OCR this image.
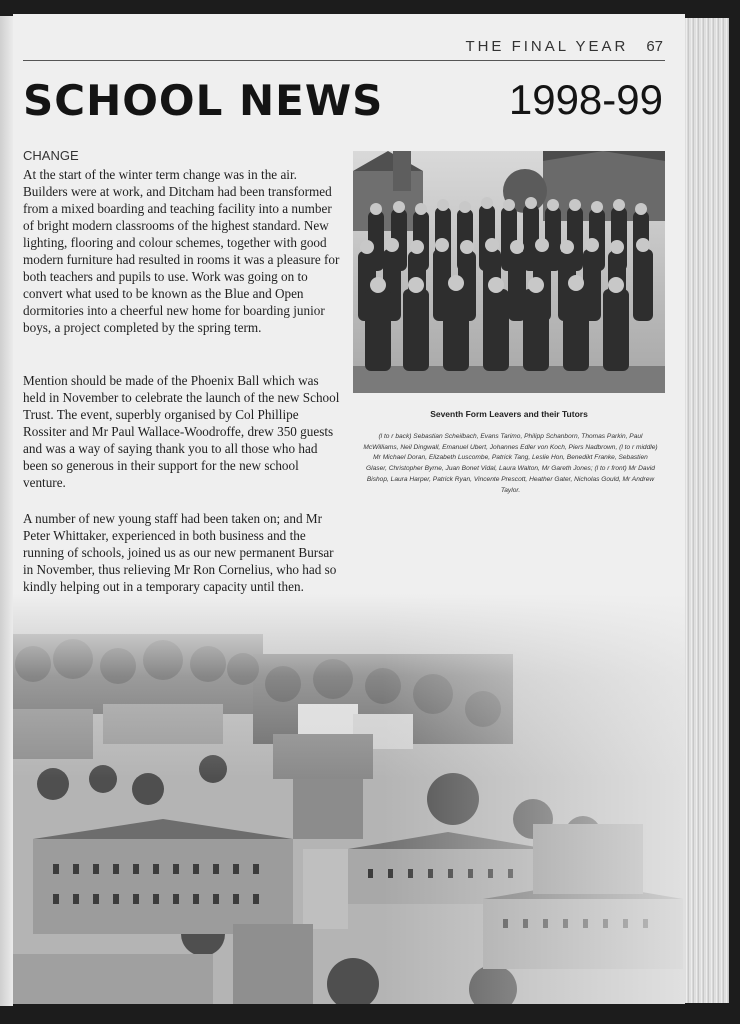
THE FINAL YEAR 67
SCHOOL NEWS	1998-99
CHANGE

At the start of the winter term change was in the air. Builders were at work, and Ditcham had been transformed from a mixed boarding and teaching facility into a number of bright modern classrooms of the highest standard. New lighting, flooring and colour schemes, together with good modern furniture had resulted in rooms it was a pleasure for both teachers and pupils to use. Work was going on to convert what used to be known as the Blue and Open dormitories into a cheerful new home for boarding junior boys, a project completed by the spring term.

Mention should be made of the Phoenix Ball which was held in November to celebrate the launch of the new School Trust. The event, superbly organised by Col Phillipe Rossiter and Mr Paul Wallace-Woodroffe, drew 350 guests and was a way of saying thank you to all those who had been so generous in their support for the new school venture.

A number of new young staff had been taken on; and Mr Peter Whittaker, experienced in both business and the running of schools, joined us as our new permanent Bursar in November, thus relieving Mr Ron Cornelius, who had so kindly helping out in a temporary capacity until then.

Seventh Form Leavers and their Tutors
(l to r back) Sebastian Scheilbach, Evans Tarimo, Philipp Schanborn, Thomas Parkin, Paul McWilliams, Neil Dingwall, Emanuel Ubert, Johannes Edler von Koch, Piers Nadbrown, (l to r middle) Mr Michael Doran, Elizabeth Luscombe, Patrick Tang, Leslie Hon, Benedikt Franke, Sebastien Glaser, Christopher Byrne, Juan Bonet Vidal, Laura Walton, Mr Gareth Jones; (l to r front) Mr David Bishop, Laura Harper, Patrick Ryan, Vincente Prescott, Heather Gater, Nicholas Gould, Mr Andrew Taylor.
